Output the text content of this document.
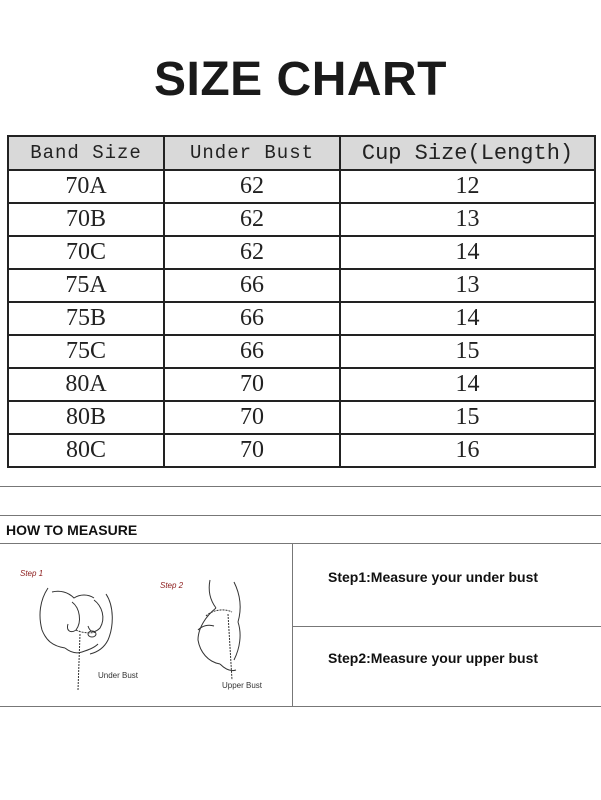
SIZE CHART
Band Size	Under Bust	Cup Size(Length)
70A	62	12
70B	62	13
70C	62	14
75A	66	13
75B	66	14
75C	66	15
80A	70	14
80B	70	15
80C	70	16
HOW TO MEASURE
Step 1
Under Bust
Step 2
Upper Bust
Step1:Measure your under bust
Step2:Measure your upper bust
